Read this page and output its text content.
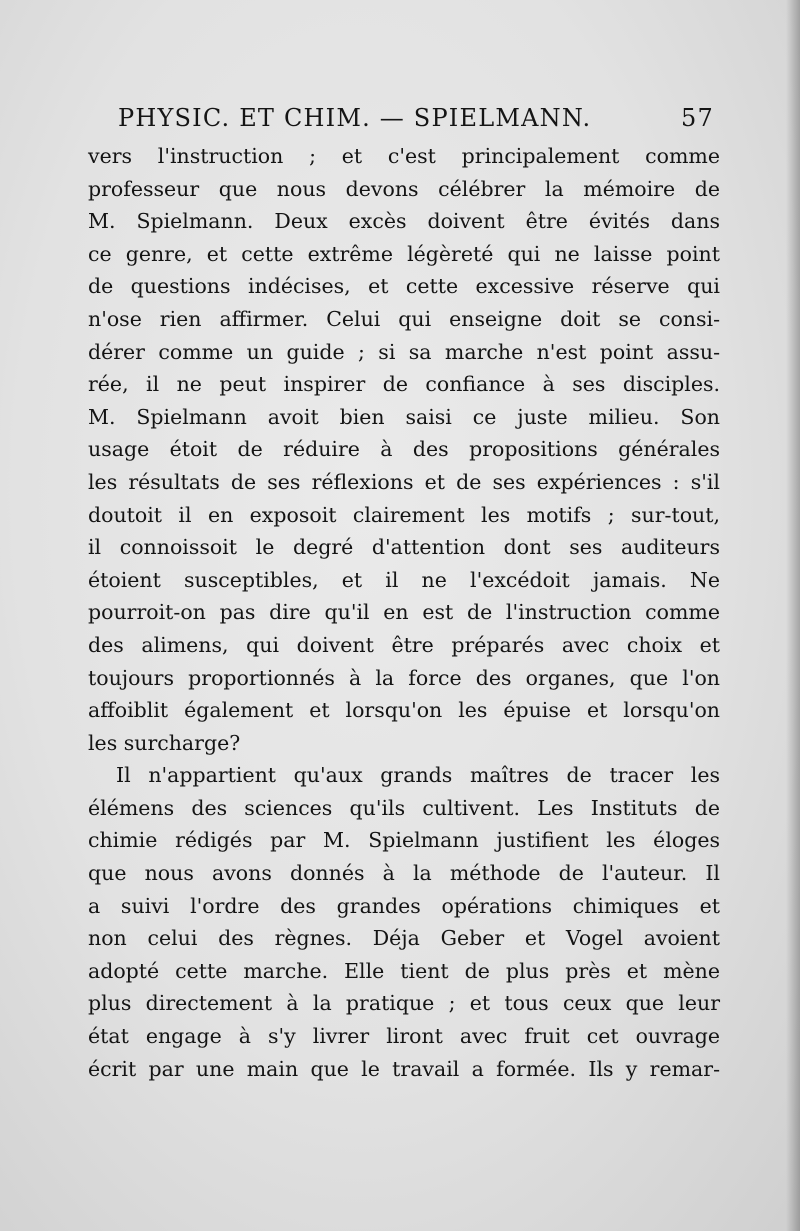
PHYSIC. ET CHIM. — SPIELMANN.	57
vers l'instruction ; et c'est principalement comme
professeur que nous devons célébrer la mémoire de
M. Spielmann. Deux excès doivent être évités dans
ce genre, et cette extrême légèreté qui ne laisse point
de questions indécises, et cette excessive réserve qui
n'ose rien affirmer. Celui qui enseigne doit se consi-
dérer comme un guide ; si sa marche n'est point assu-
rée, il ne peut inspirer de confiance à ses disciples.
M. Spielmann avoit bien saisi ce juste milieu. Son
usage étoit de réduire à des propositions générales
les résultats de ses réflexions et de ses expériences : s'il
doutoit il en exposoit clairement les motifs ; sur-tout,
il connoissoit le degré d'attention dont ses auditeurs
étoient susceptibles, et il ne l'excédoit jamais. Ne
pourroit-on pas dire qu'il en est de l'instruction comme
des alimens, qui doivent être préparés avec choix et
toujours proportionnés à la force des organes, que l'on
affoiblit également et lorsqu'on les épuise et lorsqu'on
les surcharge?
Il n'appartient qu'aux grands maîtres de tracer les
élémens des sciences qu'ils cultivent. Les Instituts de
chimie rédigés par M. Spielmann justifient les éloges
que nous avons donnés à la méthode de l'auteur. Il
a suivi l'ordre des grandes opérations chimiques et
non celui des règnes. Déja Geber et Vogel avoient
adopté cette marche. Elle tient de plus près et mène
plus directement à la pratique ; et tous ceux que leur
état engage à s'y livrer liront avec fruit cet ouvrage
écrit par une main que le travail a formée. Ils y remar-
